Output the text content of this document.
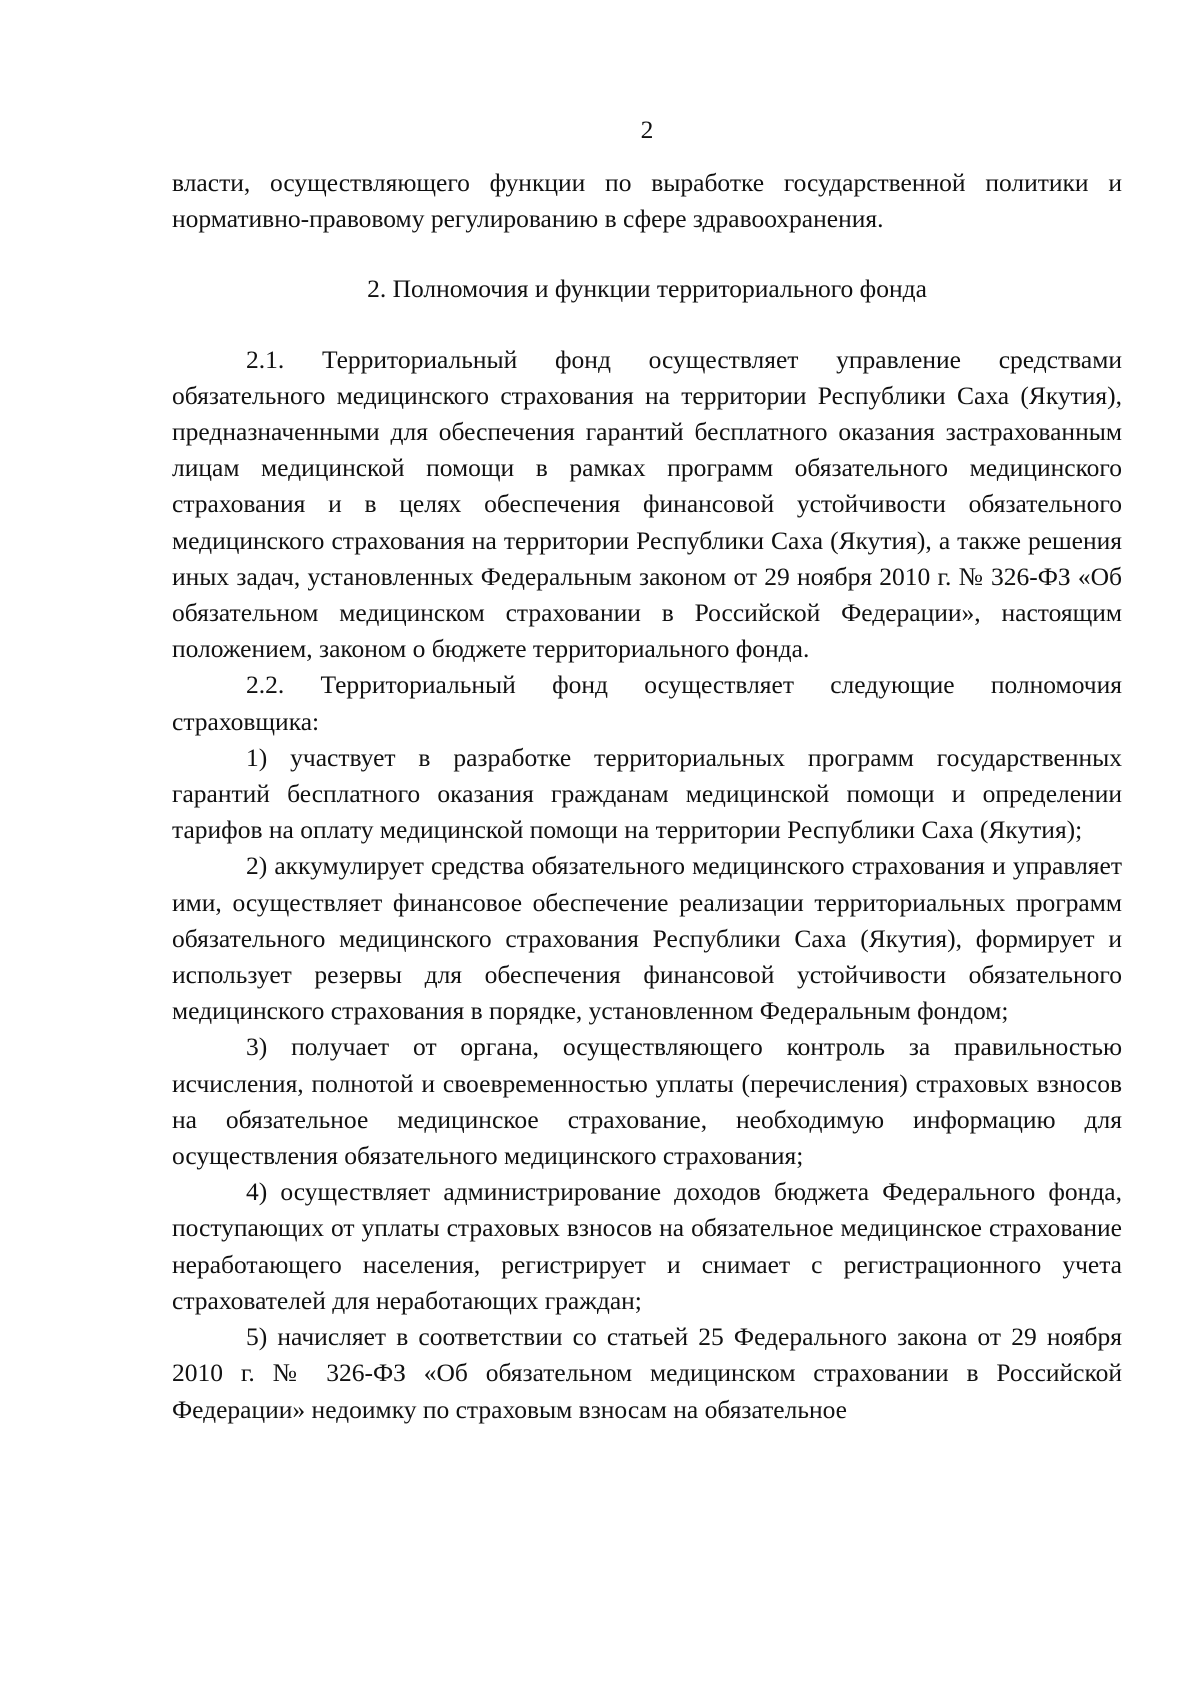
2

власти, осуществляющего функции по выработке государственной политики и нормативно-правовому регулированию в сфере здравоохранения.

2. Полномочия и функции территориального фонда

2.1. Территориальный фонд осуществляет управление средствами обязательного медицинского страхования на территории Республики Саха (Якутия), предназначенными для обеспечения гарантий бесплатного оказания застрахованным лицам медицинской помощи в рамках программ обязательного медицинского страхования и в целях обеспечения финансовой устойчивости обязательного медицинского страхования на территории Республики Саха (Якутия), а также решения иных задач, установленных Федеральным законом от 29 ноября 2010 г. № 326-ФЗ «Об обязательном медицинском страховании в Российской Федерации», настоящим положением, законом о бюджете территориального фонда.

2.2. Территориальный фонд осуществляет следующие полномочия страховщика:

1) участвует в разработке территориальных программ государственных гарантий бесплатного оказания гражданам медицинской помощи и определении тарифов на оплату медицинской помощи на территории Республики Саха (Якутия);

2) аккумулирует средства обязательного медицинского страхования и управляет ими, осуществляет финансовое обеспечение реализации территориальных программ обязательного медицинского страхования Республики Саха (Якутия), формирует и использует резервы для обеспечения финансовой устойчивости обязательного медицинского страхования в порядке, установленном Федеральным фондом;

3) получает от органа, осуществляющего контроль за правильностью исчисления, полнотой и своевременностью уплаты (перечисления) страховых взносов на обязательное медицинское страхование, необходимую информацию для осуществления обязательного медицинского страхования;

4) осуществляет администрирование доходов бюджета Федерального фонда, поступающих от уплаты страховых взносов на обязательное медицинское страхование неработающего населения, регистрирует и снимает с регистрационного учета страхователей для неработающих граждан;

5) начисляет в соответствии со статьей 25 Федерального закона от 29 ноября 2010 г. № 326-ФЗ «Об обязательном медицинском страховании в Российской Федерации» недоимку по страховым взносам на обязательное
